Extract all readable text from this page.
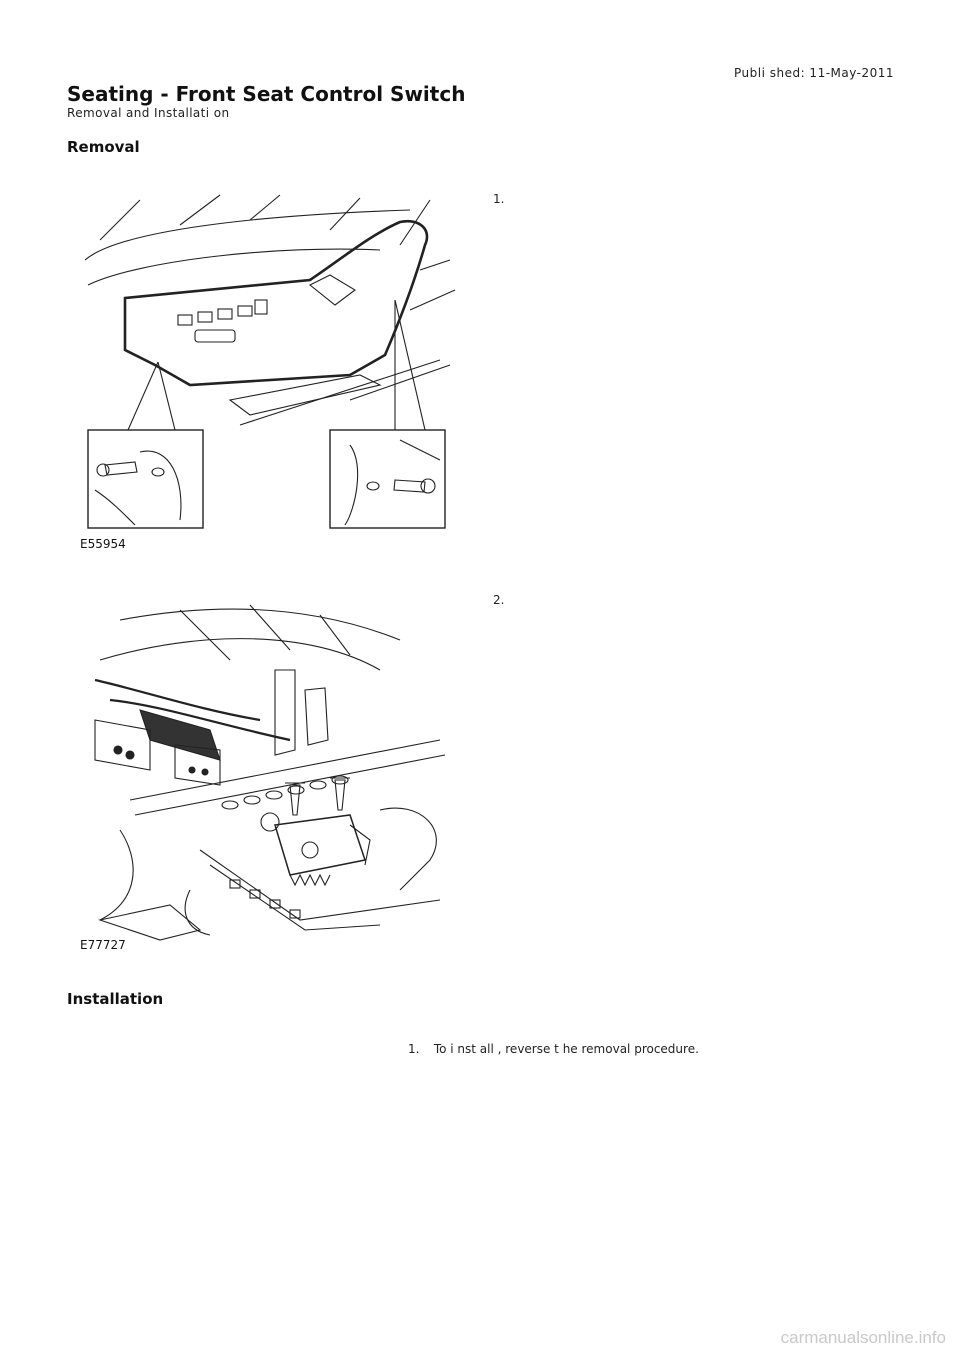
Publi shed: 11-May-2011
Seating - Front Seat Control Switch
Removal and Installati on
Removal
E55954
1.
E77727
2.
Installation
1. To i nst all , reverse t he removal procedure.
carmanualsonline.info
